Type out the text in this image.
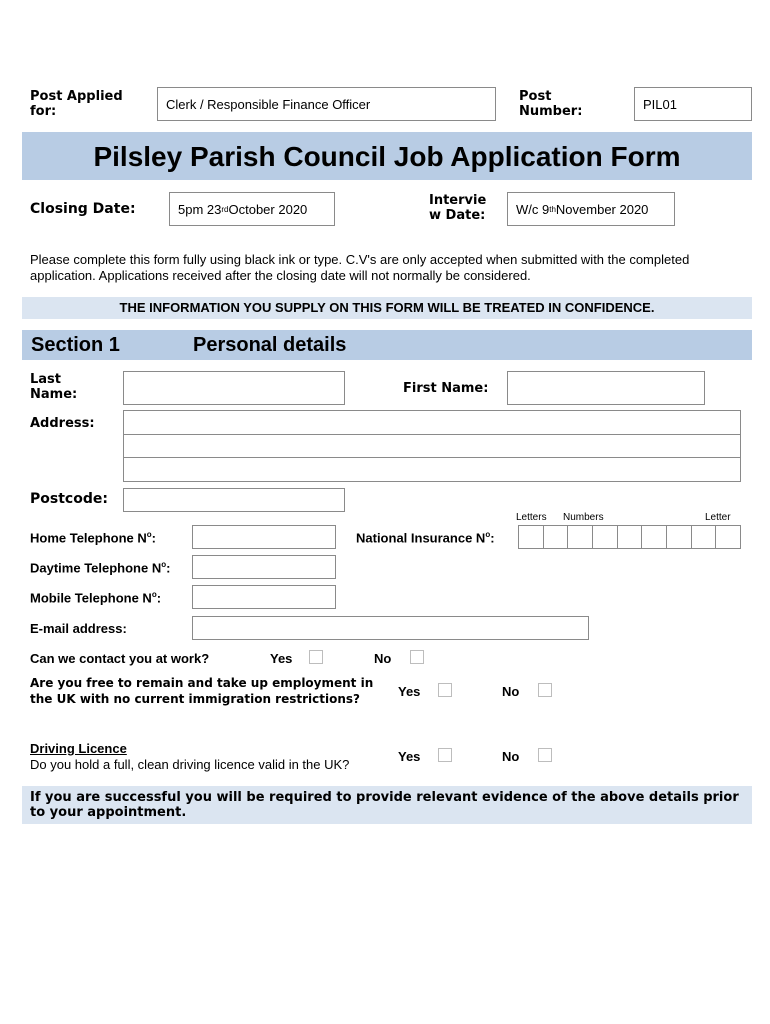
Post Applied for:	Clerk / Responsible Finance Officer	Post Number:	PIL01
Pilsley Parish Council Job Application Form
Closing Date:	5pm 23 rd October 2020
Intervie
w Date:	W/c 9 th November 2020
Please complete this form fully using black ink or type. C.V's are only accepted when submitted with the completed application. Applications received after the closing date will not normally be considered.
THE INFORMATION YOU SUPPLY ON THIS FORM WILL BE TREATED IN CONFIDENCE.
Section 1	Personal details
Last Name:	First Name:
Address:
Postcode:
Home Telephone $N^o$:
Daytime Telephone $N^o$:
Mobile Telephone $N^o$:
Letters Numbers	Letter
National Insurance $N^o$:
E-mail address:
Can we contact you at work?	Yes	No
Are you free to remain and take up employment in the UK with no current immigration restrictions?	Yes	No
Driving Licence
Do you hold a full, clean driving licence valid in the UK?
Yes	No
If you are successful you will be required to provide relevant evidence of the above details prior to your appointment.
